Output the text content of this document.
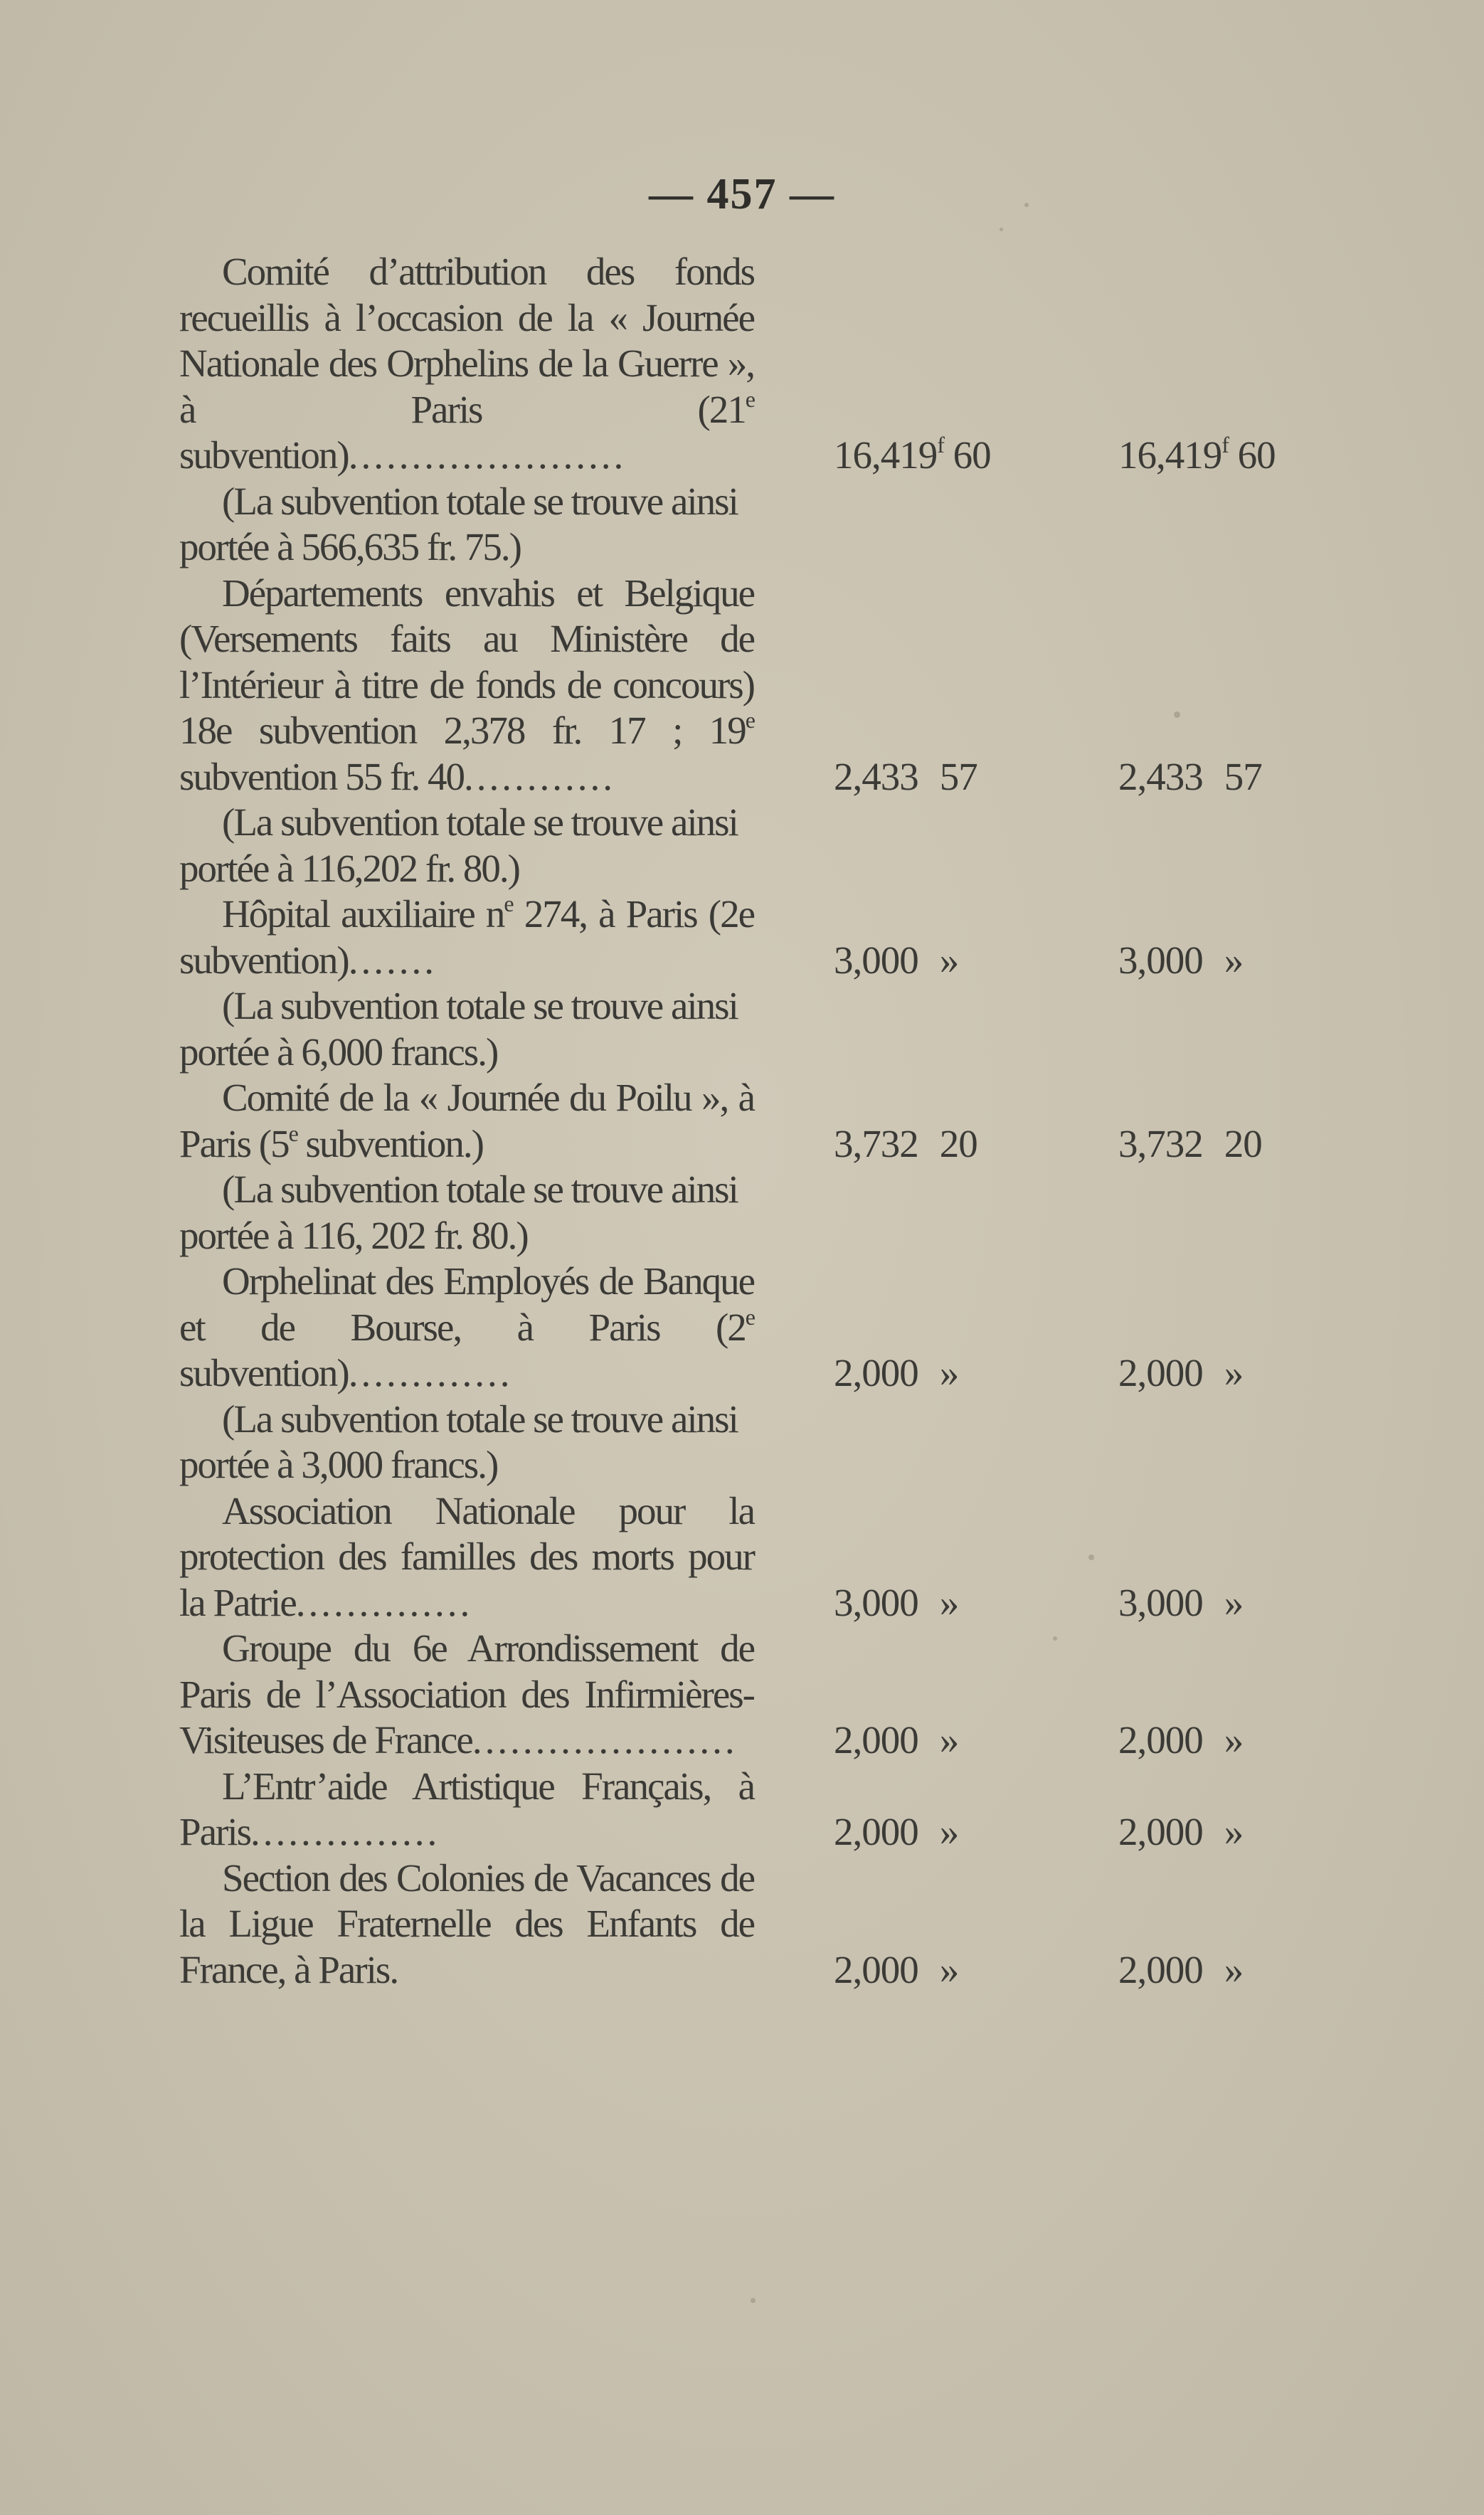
— 457 —
Comité d’attribution des fonds recueillis à l’occasion de la « Journée Nationale des Orphelins de la Guerre », à Paris (21e subvention)......................	16,419$^f$ 60	16,419$^f$ 60
(La subvention totale se trouve ainsi portée à 566,635 fr. 75.)
Départements envahis et Belgique (Versements faits au Ministère de l’Intérieur à titre de fonds de concours) 18e subvention 2,378 fr. 17 ; 19e subvention 55 fr. 40............	2,433 57	2,433 57
(La subvention totale se trouve ainsi portée à 116,202 fr. 80.)
Hôpital auxiliaire $n^e$ 274, à Paris (2e subvention).......	3,000 »	3,000 »
(La subvention totale se trouve ainsi portée à 6,000 francs.)
Comité de la « Journée du Poilu », à Paris (5e subvention.)	3,732 20	3,732 20
(La subvention totale se trouve ainsi portée à 116, 202 fr. 80.)
Orphelinat des Employés de Banque et de Bourse, à Paris (2e subvention).............	2,000 »	2,000 »
(La subvention totale se trouve ainsi portée à 3,000 francs.)
Association Nationale pour la protection des familles des morts pour la Patrie..............	3,000 »	3,000 »
Groupe du 6e Arrondissement de Paris de l’Association des Infirmières-Visiteuses de France.....................	2,000 »	2,000 »
L’Entr’aide Artistique Français, à Paris...............	2,000 »	2,000 »
Section des Colonies de Vacances de la Ligue Fraternelle des Enfants de France, à Paris.	2,000 »	2,000 »
